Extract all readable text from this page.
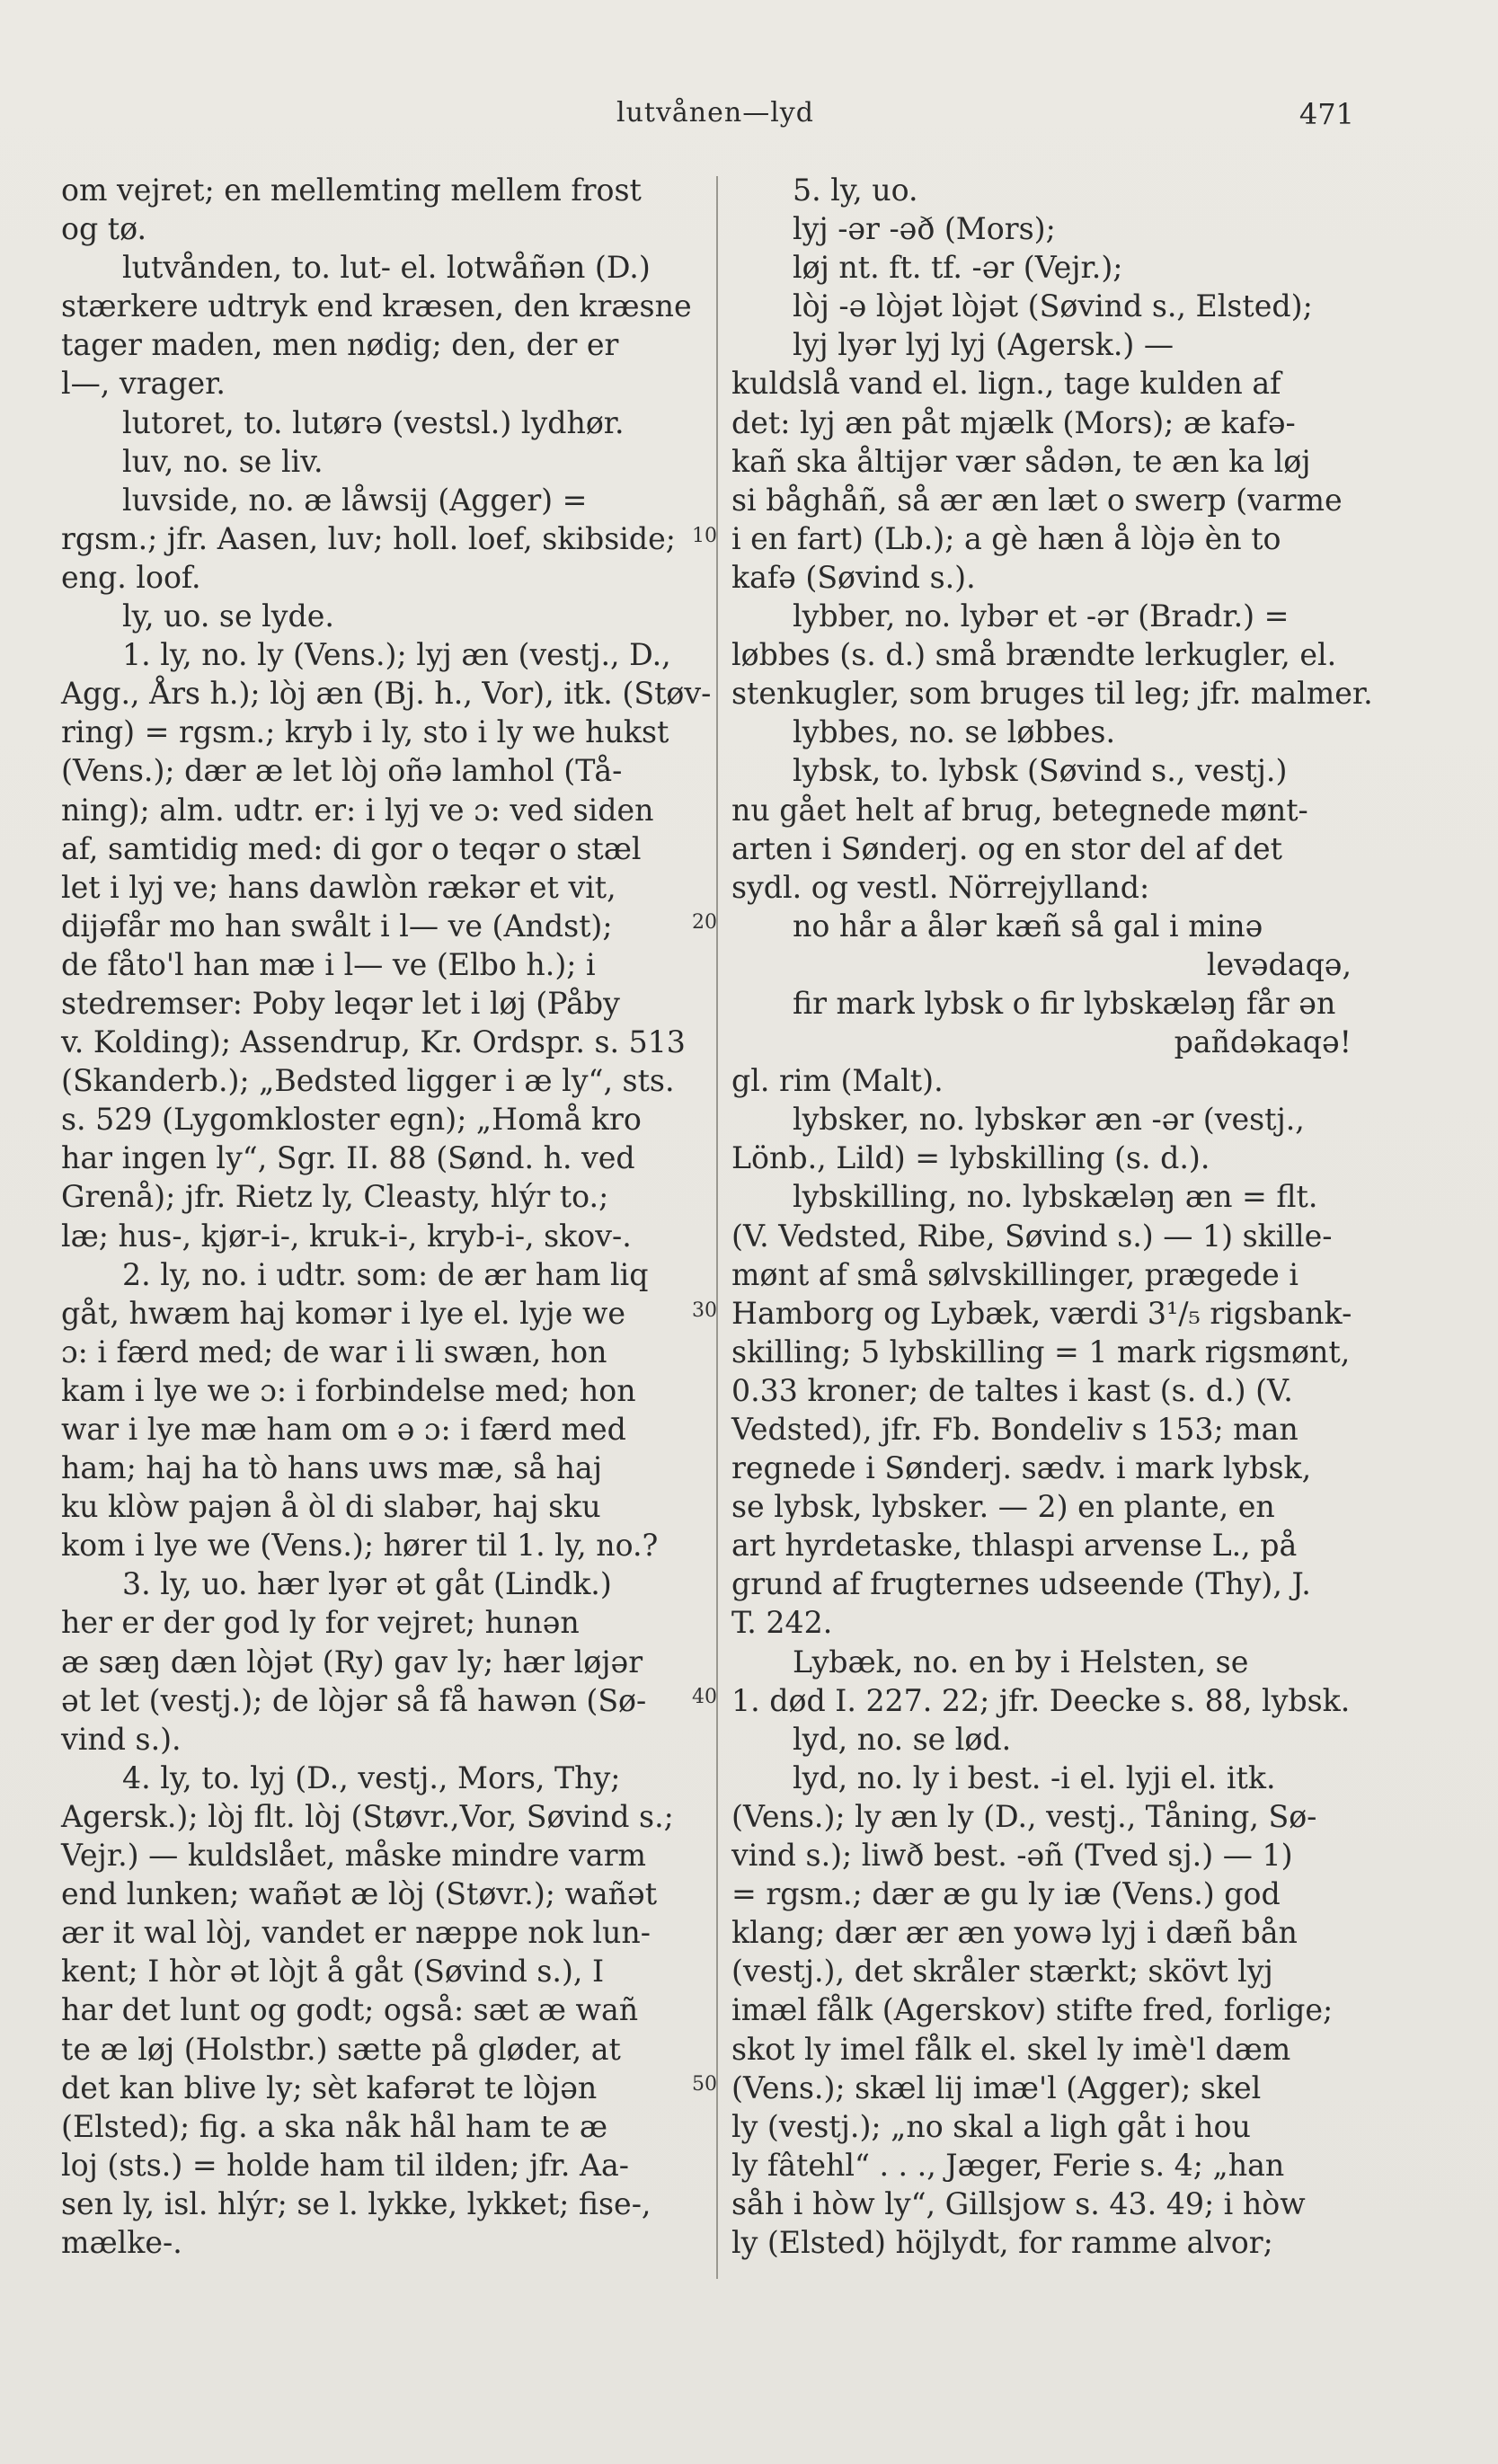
lutvånen—lyd	471
10
20
30
40
50
om vejret; en mellemting mellem frost
og tø.
lutvånden, to. lut- el. lotwåñən (D.)
stærkere udtryk end kræsen, den kræsne
tager maden, men nødig; den, der er
l—, vrager.
lutoret, to. lutørə (vestsl.) lydhør.
luv, no. se liv.
luvside, no. æ låwsij (Agger) =
rgsm.; jfr. Aasen, luv; holl. loef, skibside;
eng. loof.
ly, uo. se lyde.
1. ly, no. ly (Vens.); lyj æn (vestj., D.,
Agg., Års h.); lòj æn (Bj. h., Vor), itk. (Støv-
ring) = rgsm.; kryb i ly, sto i ly we hukst
(Vens.); dær æ let lòj oñə lamhol (Tå-
ning); alm. udtr. er: i lyj ve ɔ: ved siden
af, samtidig med: di gor o teqər o stæl
let i lyj ve; hans dawlòn rækər et vit,
dijəfår mo han swålt i l— ve (Andst);
de fåto'l han mæ i l— ve (Elbo h.); i
stedremser: Poby leqər let i løj (Påby
v. Kolding); Assendrup, Kr. Ordspr. s. 513
(Skanderb.); „Bedsted ligger i æ ly“, sts.
s. 529 (Lygomkloster egn); „Homå kro
har ingen ly“, Sgr. II. 88 (Sønd. h. ved
Grenå); jfr. Rietz ly, Cleasty, hlýr to.;
læ; hus-, kjør-i-, kruk-i-, kryb-i-, skov-.
2. ly, no. i udtr. som: de ær ham liq
gåt, hwæm haj komər i lye el. lyje we
ɔ: i færd med; de war i li swæn, hon
kam i lye we ɔ: i forbindelse med; hon
war i lye mæ ham om ə ɔ: i færd med
ham; haj ha tò hans uws mæ, så haj
ku klòw pajən å òl di slabər, haj sku
kom i lye we (Vens.); hører til 1. ly, no.?
3. ly, uo. hær lyər ət gåt (Lindk.)
her er der god ly for vejret; hunən
æ sæŋ dæn lòjət (Ry) gav ly; hær løjər
ət let (vestj.); de lòjər så få hawən (Sø-
vind s.).
4. ly, to. lyj (D., vestj., Mors, Thy;
Agersk.); lòj flt. lòj (Støvr.,Vor, Søvind s.;
Vejr.) — kuldslået, måske mindre varm
end lunken; wañət æ lòj (Støvr.); wañət
ær it wal lòj, vandet er næppe nok lun-
kent; I hòr ət lòjt å gåt (Søvind s.), I
har det lunt og godt; også: sæt æ wañ
te æ løj (Holstbr.) sætte på gløder, at
det kan blive ly; sèt kafərət te lòjən
(Elsted); fig. a ska nåk hål ham te æ
loj (sts.) = holde ham til ilden; jfr. Aa-
sen ly, isl. hlýr; se l. lykke, lykket; fise-,
mælke-.
5. ly, uo.
lyj -ər -əð (Mors);
løj nt. ft. tf. -ər (Vejr.);
lòj -ə lòjət lòjət (Søvind s., Elsted);
lyj lyər lyj lyj (Agersk.) —
kuldslå vand el. lign., tage kulden af
det: lyj æn påt mjælk (Mors); æ kafə-
kañ ska åltijər vær sådən, te æn ka løj
si båghåñ, så ær æn læt o swerp (varme
i en fart) (Lb.); a gè hæn å lòjə èn to
kafə (Søvind s.).
lybber, no. lybər et -ər (Bradr.) =
løbbes (s. d.) små brændte lerkugler, el.
stenkugler, som bruges til leg; jfr. malmer.
lybbes, no. se løbbes.
lybsk, to. lybsk (Søvind s., vestj.)
nu gået helt af brug, betegnede mønt-
arten i Sønderj. og en stor del af det
sydl. og vestl. Nörrejylland:
no hår a ålər kæñ så gal i minə
levədaqə,
fir mark lybsk o fir lybskæləŋ får ən
pañdəkaqə!
gl. rim (Malt).
lybsker, no. lybskər æn -ər (vestj.,
Lönb., Lild) = lybskilling (s. d.).
lybskilling, no. lybskæləŋ æn = flt.
(V. Vedsted, Ribe, Søvind s.) — 1) skille-
mønt af små sølvskillinger, prægede i
Hamborg og Lybæk, værdi 3¹/₅ rigsbank-
skilling; 5 lybskilling = 1 mark rigsmønt,
0.33 kroner; de taltes i kast (s. d.) (V.
Vedsted), jfr. Fb. Bondeliv s 153; man
regnede i Sønderj. sædv. i mark lybsk,
se lybsk, lybsker. — 2) en plante, en
art hyrdetaske, thlaspi arvense L., på
grund af frugternes udseende (Thy), J.
T. 242.
Lybæk, no. en by i Helsten, se
1. død I. 227. 22; jfr. Deecke s. 88, lybsk.
lyd, no. se lød.
lyd, no. ly i best. -i el. lyji el. itk.
(Vens.); ly æn ly (D., vestj., Tåning, Sø-
vind s.); liwð best. -əñ (Tved sj.) — 1)
= rgsm.; dær æ gu ly iæ (Vens.) god
klang; dær ær æn yowə lyj i dæñ bån
(vestj.), det skråler stærkt; skövt lyj
imæl fålk (Agerskov) stifte fred, forlige;
skot ly imel fålk el. skel ly imè'l dæm
(Vens.); skæl lij imæ'l (Agger); skel
ly (vestj.); „no skal a ligh gåt i hou
ly fâtehl“ . . ., Jæger, Ferie s. 4; „han
såh i hòw ly“, Gillsjow s. 43. 49; i hòw
ly (Elsted) höjlydt, for ramme alvor;
